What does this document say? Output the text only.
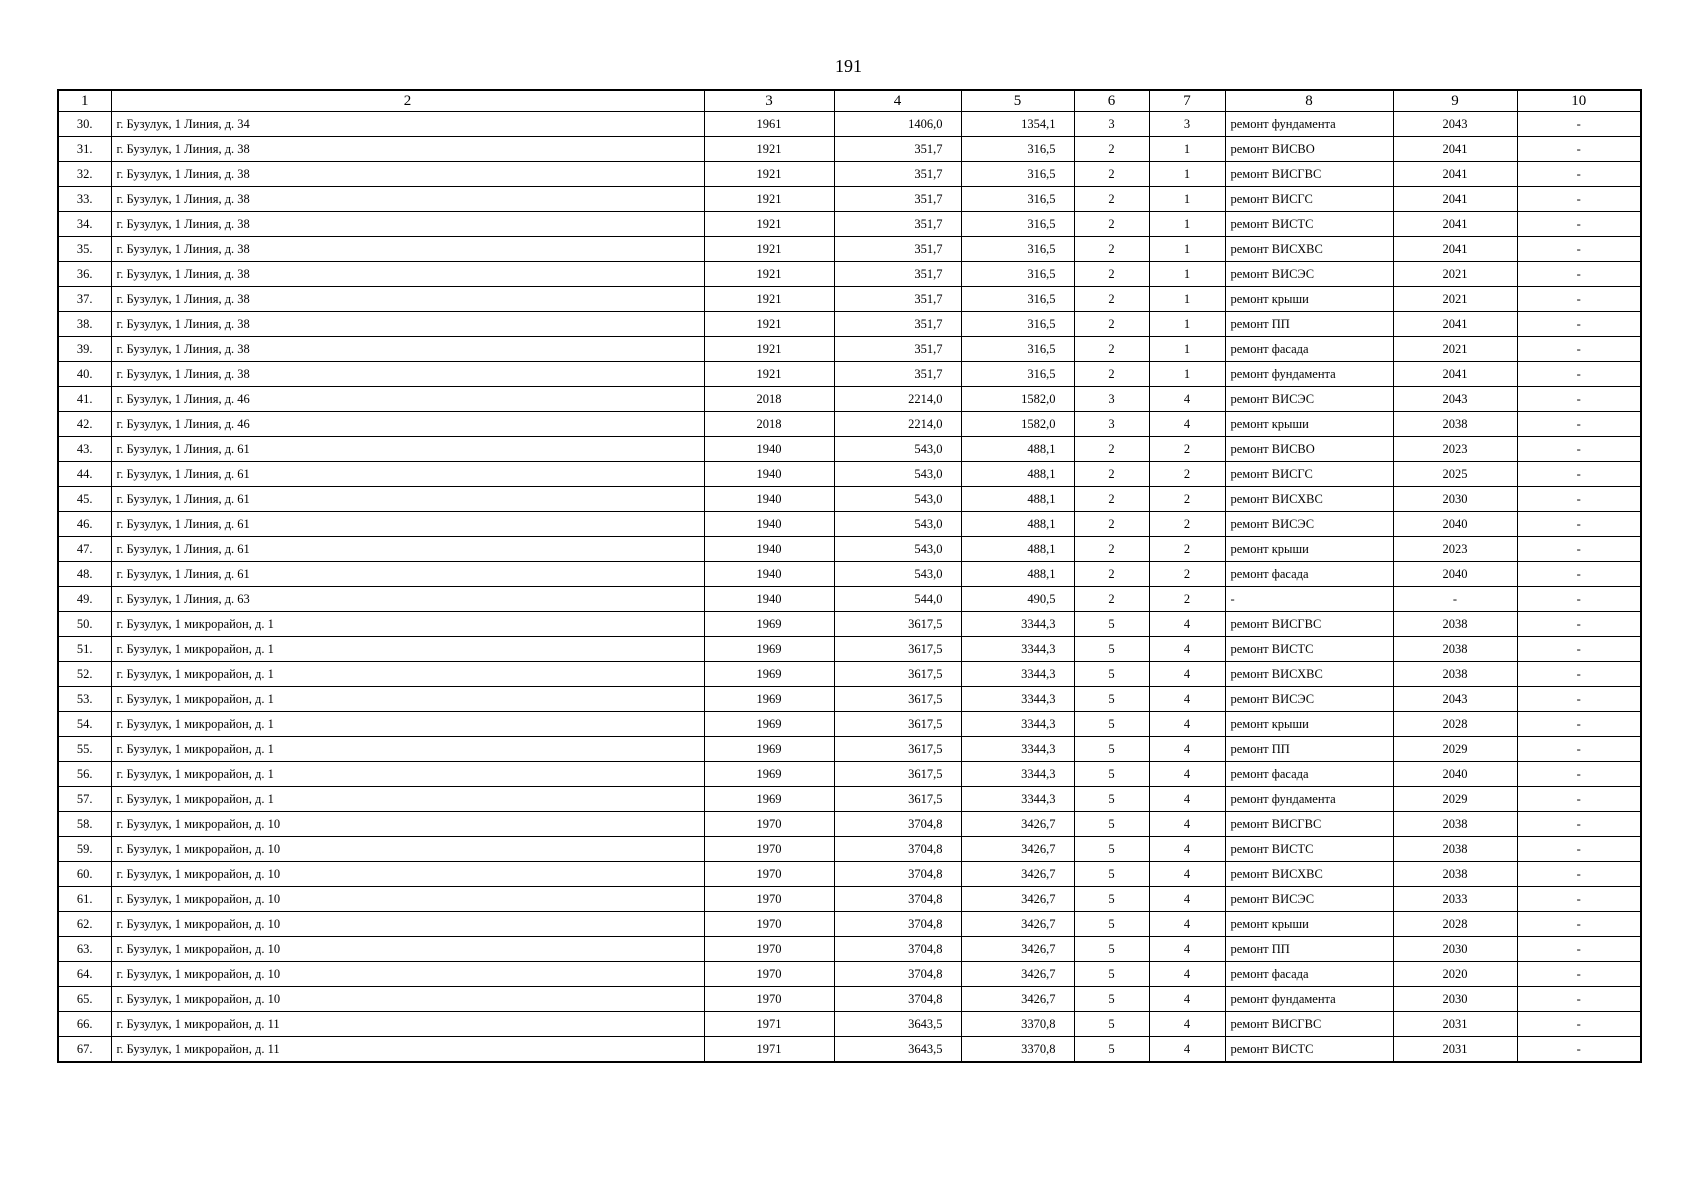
191
1	2	3	4	5	6	7	8	9	10
30.	г. Бузулук, 1 Линия, д. 34	1961	1406,0	1354,1	3	3	ремонт фундамента	2043	-
31.	г. Бузулук, 1 Линия, д. 38	1921	351,7	316,5	2	1	ремонт ВИСВО	2041	-
32.	г. Бузулук, 1 Линия, д. 38	1921	351,7	316,5	2	1	ремонт ВИСГВС	2041	-
33.	г. Бузулук, 1 Линия, д. 38	1921	351,7	316,5	2	1	ремонт ВИСГС	2041	-
34.	г. Бузулук, 1 Линия, д. 38	1921	351,7	316,5	2	1	ремонт ВИСТС	2041	-
35.	г. Бузулук, 1 Линия, д. 38	1921	351,7	316,5	2	1	ремонт ВИСХВС	2041	-
36.	г. Бузулук, 1 Линия, д. 38	1921	351,7	316,5	2	1	ремонт ВИСЭС	2021	-
37.	г. Бузулук, 1 Линия, д. 38	1921	351,7	316,5	2	1	ремонт крыши	2021	-
38.	г. Бузулук, 1 Линия, д. 38	1921	351,7	316,5	2	1	ремонт ПП	2041	-
39.	г. Бузулук, 1 Линия, д. 38	1921	351,7	316,5	2	1	ремонт фасада	2021	-
40.	г. Бузулук, 1 Линия, д. 38	1921	351,7	316,5	2	1	ремонт фундамента	2041	-
41.	г. Бузулук, 1 Линия, д. 46	2018	2214,0	1582,0	3	4	ремонт ВИСЭС	2043	-
42.	г. Бузулук, 1 Линия, д. 46	2018	2214,0	1582,0	3	4	ремонт крыши	2038	-
43.	г. Бузулук, 1 Линия, д. 61	1940	543,0	488,1	2	2	ремонт ВИСВО	2023	-
44.	г. Бузулук, 1 Линия, д. 61	1940	543,0	488,1	2	2	ремонт ВИСГС	2025	-
45.	г. Бузулук, 1 Линия, д. 61	1940	543,0	488,1	2	2	ремонт ВИСХВС	2030	-
46.	г. Бузулук, 1 Линия, д. 61	1940	543,0	488,1	2	2	ремонт ВИСЭС	2040	-
47.	г. Бузулук, 1 Линия, д. 61	1940	543,0	488,1	2	2	ремонт крыши	2023	-
48.	г. Бузулук, 1 Линия, д. 61	1940	543,0	488,1	2	2	ремонт фасада	2040	-
49.	г. Бузулук, 1 Линия, д. 63	1940	544,0	490,5	2	2	-	-	-
50.	г. Бузулук, 1 микрорайон, д. 1	1969	3617,5	3344,3	5	4	ремонт ВИСГВС	2038	-
51.	г. Бузулук, 1 микрорайон, д. 1	1969	3617,5	3344,3	5	4	ремонт ВИСТС	2038	-
52.	г. Бузулук, 1 микрорайон, д. 1	1969	3617,5	3344,3	5	4	ремонт ВИСХВС	2038	-
53.	г. Бузулук, 1 микрорайон, д. 1	1969	3617,5	3344,3	5	4	ремонт ВИСЭС	2043	-
54.	г. Бузулук, 1 микрорайон, д. 1	1969	3617,5	3344,3	5	4	ремонт крыши	2028	-
55.	г. Бузулук, 1 микрорайон, д. 1	1969	3617,5	3344,3	5	4	ремонт ПП	2029	-
56.	г. Бузулук, 1 микрорайон, д. 1	1969	3617,5	3344,3	5	4	ремонт фасада	2040	-
57.	г. Бузулук, 1 микрорайон, д. 1	1969	3617,5	3344,3	5	4	ремонт фундамента	2029	-
58.	г. Бузулук, 1 микрорайон, д. 10	1970	3704,8	3426,7	5	4	ремонт ВИСГВС	2038	-
59.	г. Бузулук, 1 микрорайон, д. 10	1970	3704,8	3426,7	5	4	ремонт ВИСТС	2038	-
60.	г. Бузулук, 1 микрорайон, д. 10	1970	3704,8	3426,7	5	4	ремонт ВИСХВС	2038	-
61.	г. Бузулук, 1 микрорайон, д. 10	1970	3704,8	3426,7	5	4	ремонт ВИСЭС	2033	-
62.	г. Бузулук, 1 микрорайон, д. 10	1970	3704,8	3426,7	5	4	ремонт крыши	2028	-
63.	г. Бузулук, 1 микрорайон, д. 10	1970	3704,8	3426,7	5	4	ремонт ПП	2030	-
64.	г. Бузулук, 1 микрорайон, д. 10	1970	3704,8	3426,7	5	4	ремонт фасада	2020	-
65.	г. Бузулук, 1 микрорайон, д. 10	1970	3704,8	3426,7	5	4	ремонт фундамента	2030	-
66.	г. Бузулук, 1 микрорайон, д. 11	1971	3643,5	3370,8	5	4	ремонт ВИСГВС	2031	-
67.	г. Бузулук, 1 микрорайон, д. 11	1971	3643,5	3370,8	5	4	ремонт ВИСТС	2031	-
